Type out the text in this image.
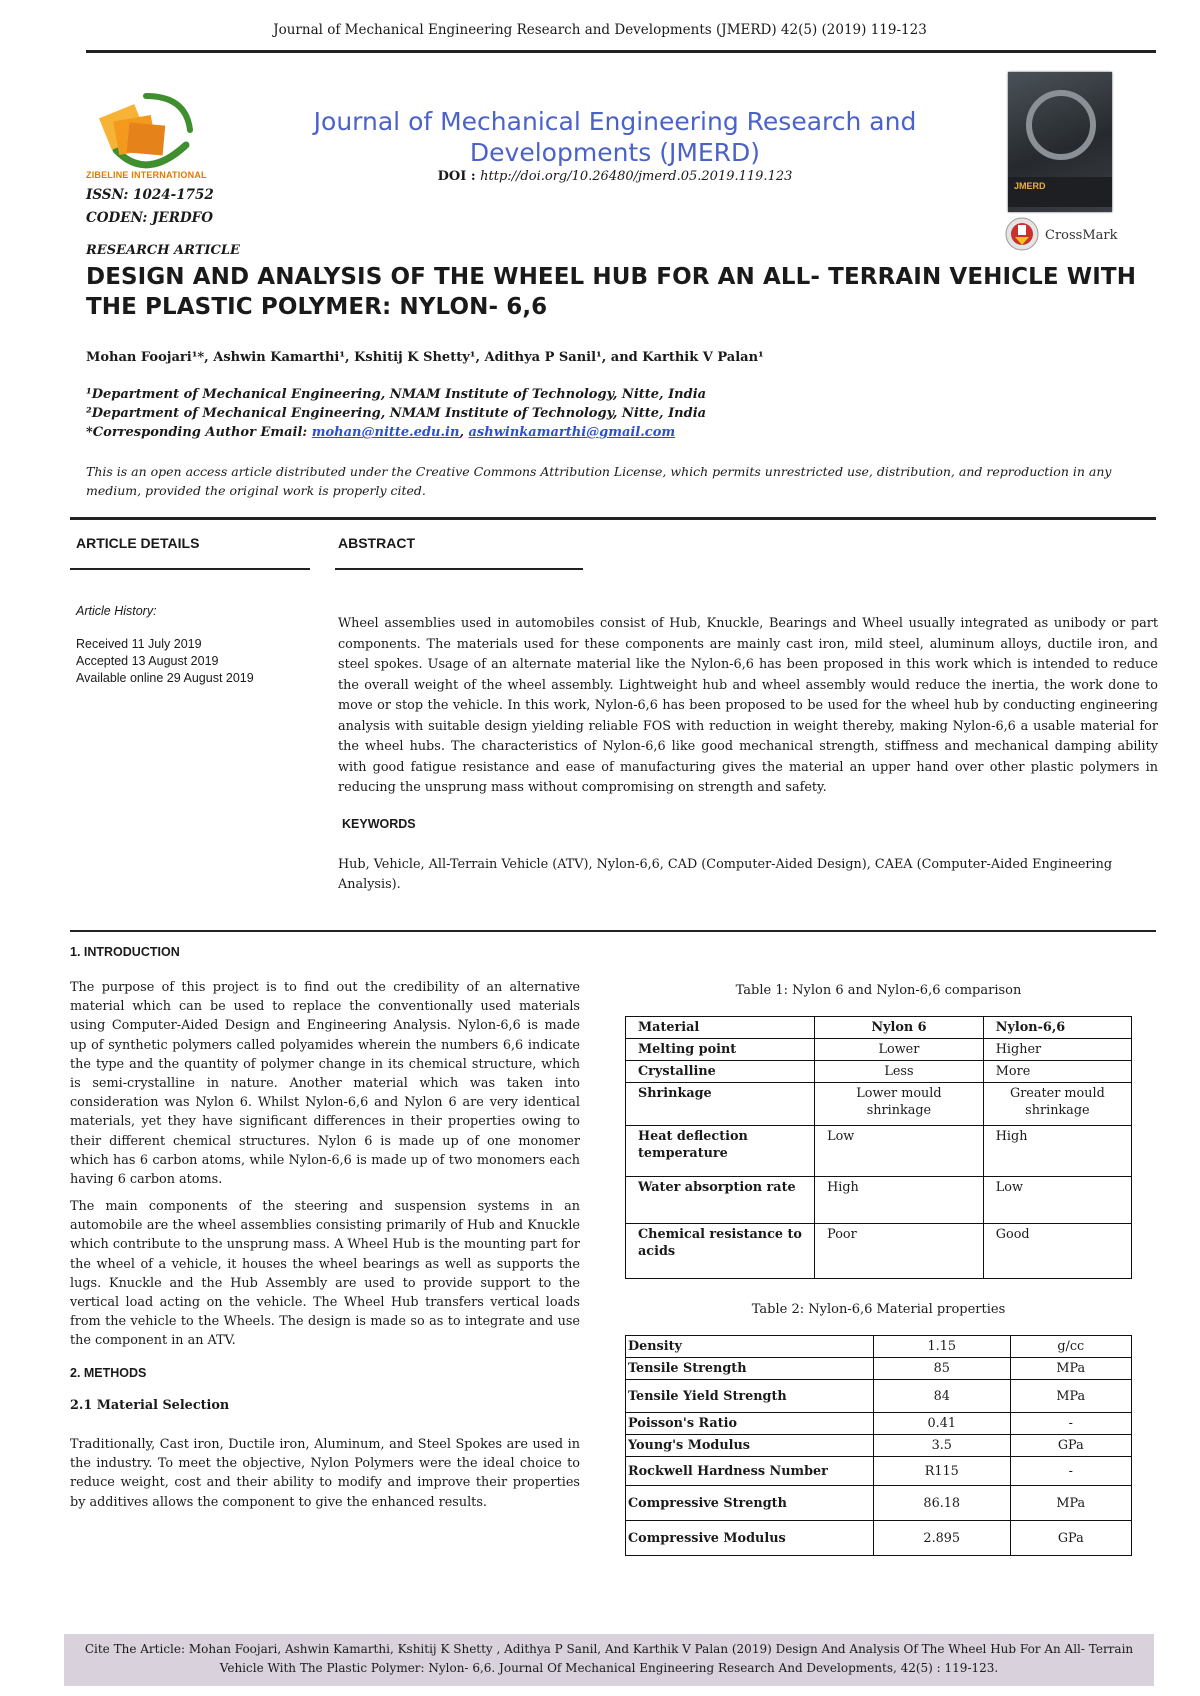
Journal of Mechanical Engineering Research and Developments (JMERD) 42(5) (2019) 119-123
ZIBELINE INTERNATIONAL
ISSN: 1024-1752
CODEN: JERDFO
Journal of Mechanical Engineering Research and Developments (JMERD)
DOI : http://doi.org/10.26480/jmerd.05.2019.119.123
JMERD
CrossMark
RESEARCH ARTICLE
DESIGN AND ANALYSIS OF THE WHEEL HUB FOR AN ALL- TERRAIN VEHICLE WITH THE PLASTIC POLYMER: NYLON- 6,6
Mohan Foojari¹*, Ashwin Kamarthi¹, Kshitij K Shetty¹, Adithya P Sanil¹, and Karthik V Palan¹
¹Department of Mechanical Engineering, NMAM Institute of Technology, Nitte, India
²Department of Mechanical Engineering, NMAM Institute of Technology, Nitte, India
*Corresponding Author Email: mohan@nitte.edu.in, ashwinkamarthi@gmail.com
This is an open access article distributed under the Creative Commons Attribution License, which permits unrestricted use, distribution, and reproduction in any medium, provided the original work is properly cited.
ARTICLE DETAILS
Article History:
Received 11 July 2019
Accepted 13 August 2019
Available online 29 August 2019
ABSTRACT
Wheel assemblies used in automobiles consist of Hub, Knuckle, Bearings and Wheel usually integrated as unibody or part components. The materials used for these components are mainly cast iron, mild steel, aluminum alloys, ductile iron, and steel spokes. Usage of an alternate material like the Nylon-6,6 has been proposed in this work which is intended to reduce the overall weight of the wheel assembly. Lightweight hub and wheel assembly would reduce the inertia, the work done to move or stop the vehicle. In this work, Nylon-6,6 has been proposed to be used for the wheel hub by conducting engineering analysis with suitable design yielding reliable FOS with reduction in weight thereby, making Nylon-6,6 a usable material for the wheel hubs. The characteristics of Nylon-6,6 like good mechanical strength, stiffness and mechanical damping ability with good fatigue resistance and ease of manufacturing gives the material an upper hand over other plastic polymers in reducing the unsprung mass without compromising on strength and safety.
KEYWORDS
Hub, Vehicle, All-Terrain Vehicle (ATV), Nylon-6,6, CAD (Computer-Aided Design), CAEA (Computer-Aided Engineering Analysis).
1. INTRODUCTION
The purpose of this project is to find out the credibility of an alternative material which can be used to replace the conventionally used materials using Computer-Aided Design and Engineering Analysis. Nylon-6,6 is made up of synthetic polymers called polyamides wherein the numbers 6,6 indicate the type and the quantity of polymer change in its chemical structure, which is semi-crystalline in nature. Another material which was taken into consideration was Nylon 6. Whilst Nylon-6,6 and Nylon 6 are very identical materials, yet they have significant differences in their properties owing to their different chemical structures. Nylon 6 is made up of one monomer which has 6 carbon atoms, while Nylon-6,6 is made up of two monomers each having 6 carbon atoms.
The main components of the steering and suspension systems in an automobile are the wheel assemblies consisting primarily of Hub and Knuckle which contribute to the unsprung mass. A Wheel Hub is the mounting part for the wheel of a vehicle, it houses the wheel bearings as well as supports the lugs. Knuckle and the Hub Assembly are used to provide support to the vertical load acting on the vehicle. The Wheel Hub transfers vertical loads from the vehicle to the Wheels. The design is made so as to integrate and use the component in an ATV.
2. METHODS
2.1 Material Selection
Traditionally, Cast iron, Ductile iron, Aluminum, and Steel Spokes are used in the industry. To meet the objective, Nylon Polymers were the ideal choice to reduce weight, cost and their ability to modify and improve their properties by additives allows the component to give the enhanced results.
Table 1: Nylon 6 and Nylon-6,6 comparison
Material	Nylon 6	Nylon-6,6
Melting point	Lower	Higher
Crystalline	Less	More
Shrinkage	Lower mould shrinkage	Greater mould shrinkage
Heat deflection temperature	Low	High
Water absorption rate	High	Low
Chemical resistance to acids	Poor	Good
Table 2: Nylon-6,6 Material properties
Density	1.15	g/cc
Tensile Strength	85	MPa
Tensile Yield Strength	84	MPa
Poisson's Ratio	0.41	-
Young's Modulus	3.5	GPa
Rockwell Hardness Number	R115	-
Compressive Strength	86.18	MPa
Compressive Modulus	2.895	GPa
Cite The Article: Mohan Foojari, Ashwin Kamarthi, Kshitij K Shetty , Adithya P Sanil, And Karthik V Palan (2019) Design And Analysis Of The Wheel Hub For An All- Terrain Vehicle With The Plastic Polymer: Nylon- 6,6. Journal Of Mechanical Engineering Research And Developments, 42(5) : 119-123.
